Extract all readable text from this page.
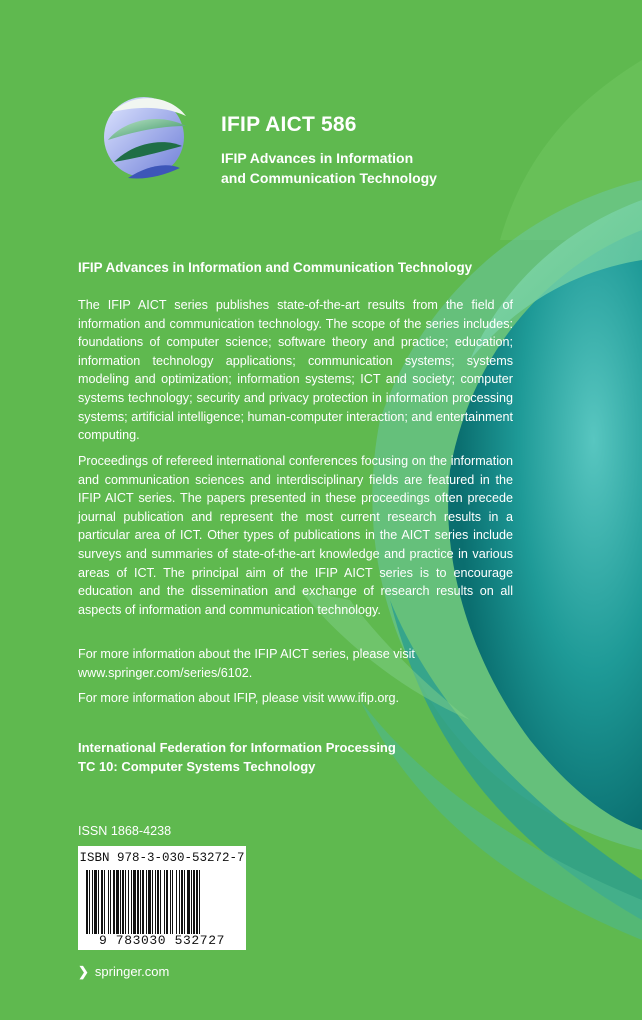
IFIP AICT 586
IFIP Advances in Information
and Communication Technology
IFIP Advances in Information and Communication Technology
The IFIP AICT series publishes state-of-the-art results from the field of information and communication technology. The scope of the series includes: foundations of computer science; software theory and practice; education; information technology applications; communication systems; systems modeling and optimization; information systems; ICT and society; computer systems technology; security and privacy protection in information processing systems; artificial intelligence; human-computer interaction; and entertainment computing.
Proceedings of refereed international conferences focusing on the information and communication sciences and interdisciplinary fields are featured in the IFIP AICT series. The papers presented in these proceedings often precede journal publication and represent the most current research results in a particular area of ICT. Other types of publications in the AICT series include surveys and summaries of state-of-the-art knowledge and practice in various areas of ICT. The principal aim of the IFIP AICT series is to encourage education and the dissemination and exchange of research results on all aspects of information and communication technology.
For more information about the IFIP AICT series, please visit
www.springer.com/series/6102.
For more information about IFIP, please visit www.ifip.org.
International Federation for Information Processing
TC 10: Computer Systems Technology
ISSN 1868-4238
ISBN 978-3-030-53272-7
9 783030 532727
❯ springer.com
